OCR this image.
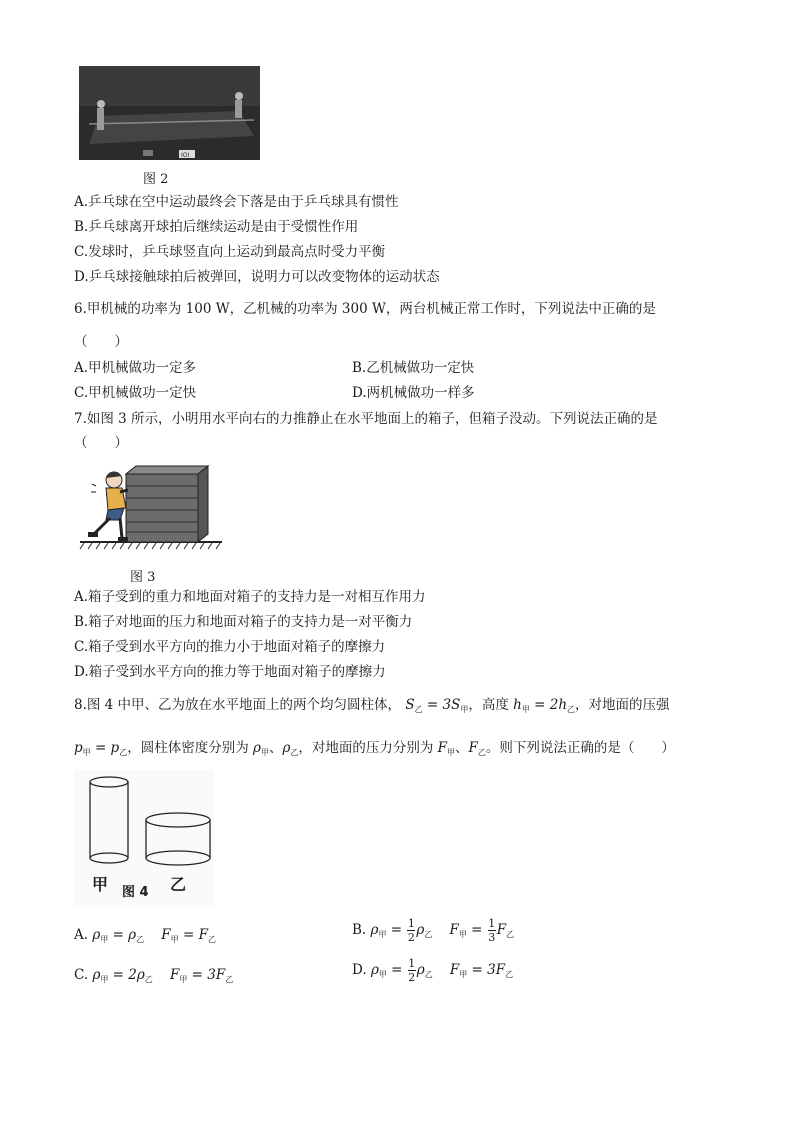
IOI
图 2
A.乒乓球在空中运动最终会下落是由于乒乓球具有惯性
B.乒乓球离开球拍后继续运动是由于受惯性作用
C.发球时，乒乓球竖直向上运动到最高点时受力平衡
D.乒乓球接触球拍后被弹回，说明力可以改变物体的运动状态
6.甲机械的功率为 100 W，乙机械的功率为 300 W，两台机械正常工作时，下列说法中正确的是
（　　）
A.甲机械做功一定多	B.乙机械做功一定快
C.甲机械做功一定快	D.两机械做功一样多
7.如图 3 所示，小明用水平向右的力推静止在水平地面上的箱子，但箱子没动。下列说法正确的是
（　　）
图 3
A.箱子受到的重力和地面对箱子的支持力是一对相互作用力
B.箱子对地面的压力和地面对箱子的支持力是一对平衡力
C.箱子受到水平方向的推力小于地面对箱子的摩擦力
D.箱子受到水平方向的推力等于地面对箱子的摩擦力
8.图 4 中甲、乙为放在水平地面上的两个均匀圆柱体， $S_乙 = 3S_甲$，高度 $h_甲 = 2h_乙$，对地面的压强
$p_甲 = p_乙$，圆柱体密度分别为 $\rho_甲$、$\rho_乙$，对地面的压力分别为 $F_甲$、$F_乙$。则下列说法正确的是（　　）
甲 图 4 乙
A. $\rho_甲 = \rho_乙$ $F_甲 = F_乙$
B. $\rho_甲 = \frac{1}{2} \rho_乙$ $F_甲 = \frac{1}{3} F_乙$
C. $\rho_甲 = 2\rho_乙$ $F_甲 = 3F_乙$
D. $\rho_甲 = \frac{1}{2} \rho_乙$ $F_甲 = 3F_乙$
